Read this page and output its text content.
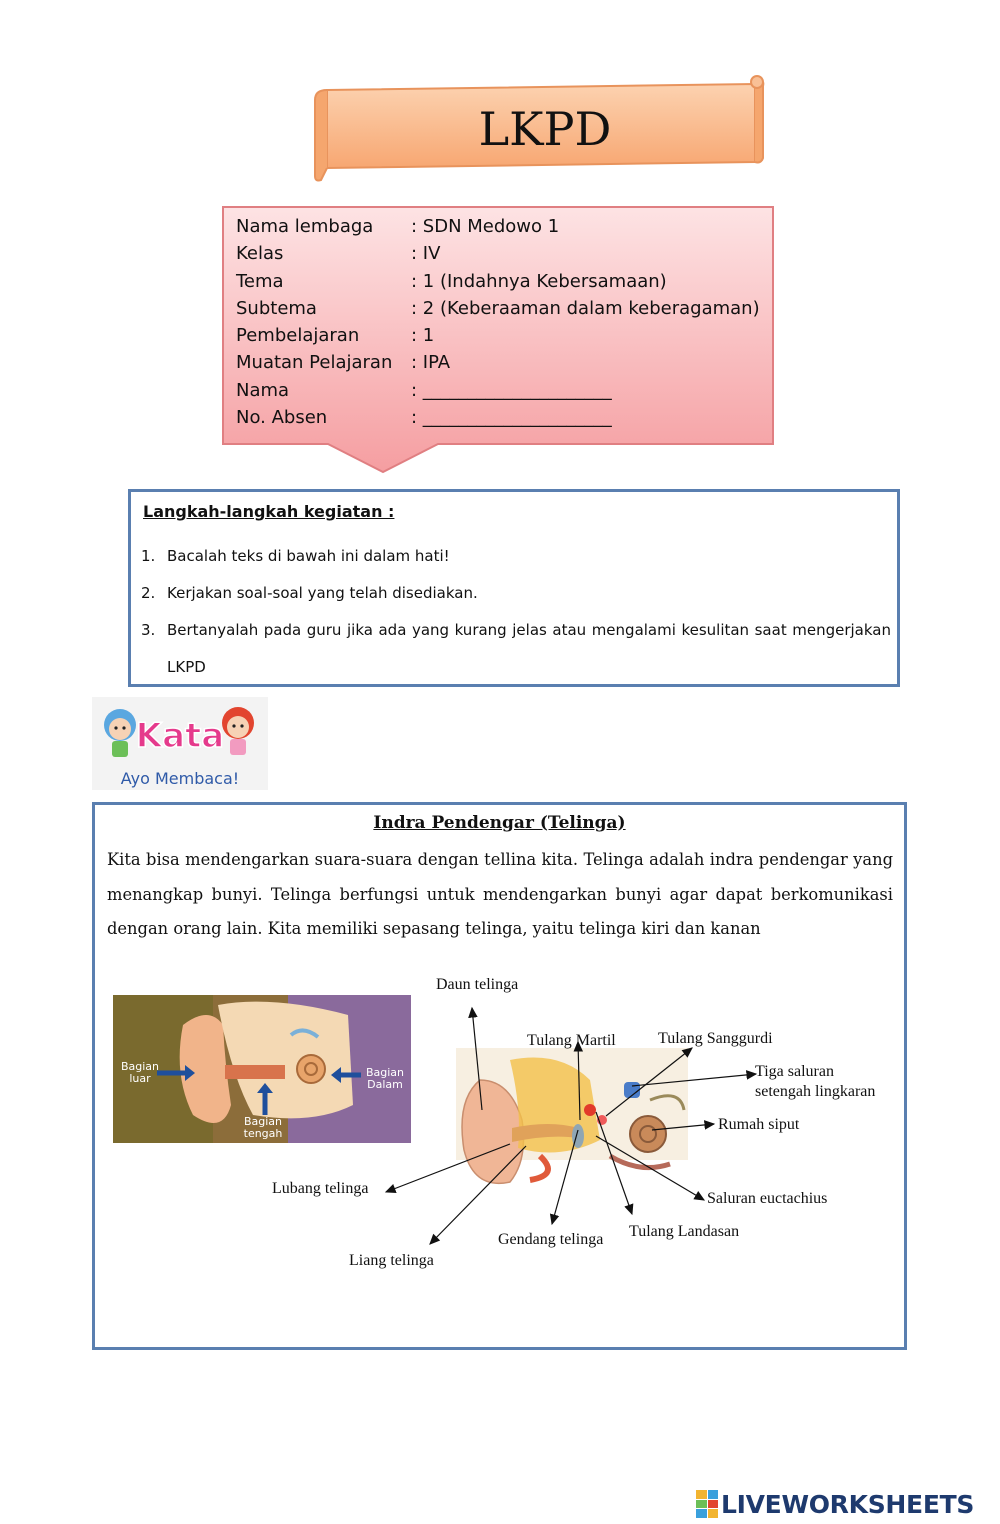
LKPD
Nama lembaga	: SDN Medowo 1
Kelas	: IV
Tema	: 1 (Indahnya Kebersamaan)
Subtema	: 2 (Keberaaman dalam keberagaman)
Pembelajaran	: 1
Muatan Pelajaran	: IPA
Nama	: _____________________
No. Absen	: _____________________
Langkah-langkah kegiatan :
1. Bacalah teks di bawah ini dalam hati!
2. Kerjakan soal-soal yang telah disediakan.
3. Bertanyalah pada guru jika ada yang kurang jelas atau mengalami kesulitan saat mengerjakan LKPD
Kata
Ayo Membaca!
Indra Pendengar (Telinga)
Kita bisa mendengarkan suara-suara dengan tellina kita. Telinga adalah indra pendengar yang menangkap bunyi. Telinga berfungsi untuk mendengarkan bunyi agar dapat berkomunikasi dengan orang lain. Kita memiliki sepasang telinga, yaitu telinga kiri dan kanan
Bagian luar
Bagian tengah
Bagian Dalam
Daun telinga
Tulang Martil	Tulang Sanggurdi
Tiga saluran
setengah lingkaran
Rumah siput
Lubang telinga
Saluran euctachius
Tulang Landasan
Gendang telinga
Liang telinga
LIVEWORKSHEETS
